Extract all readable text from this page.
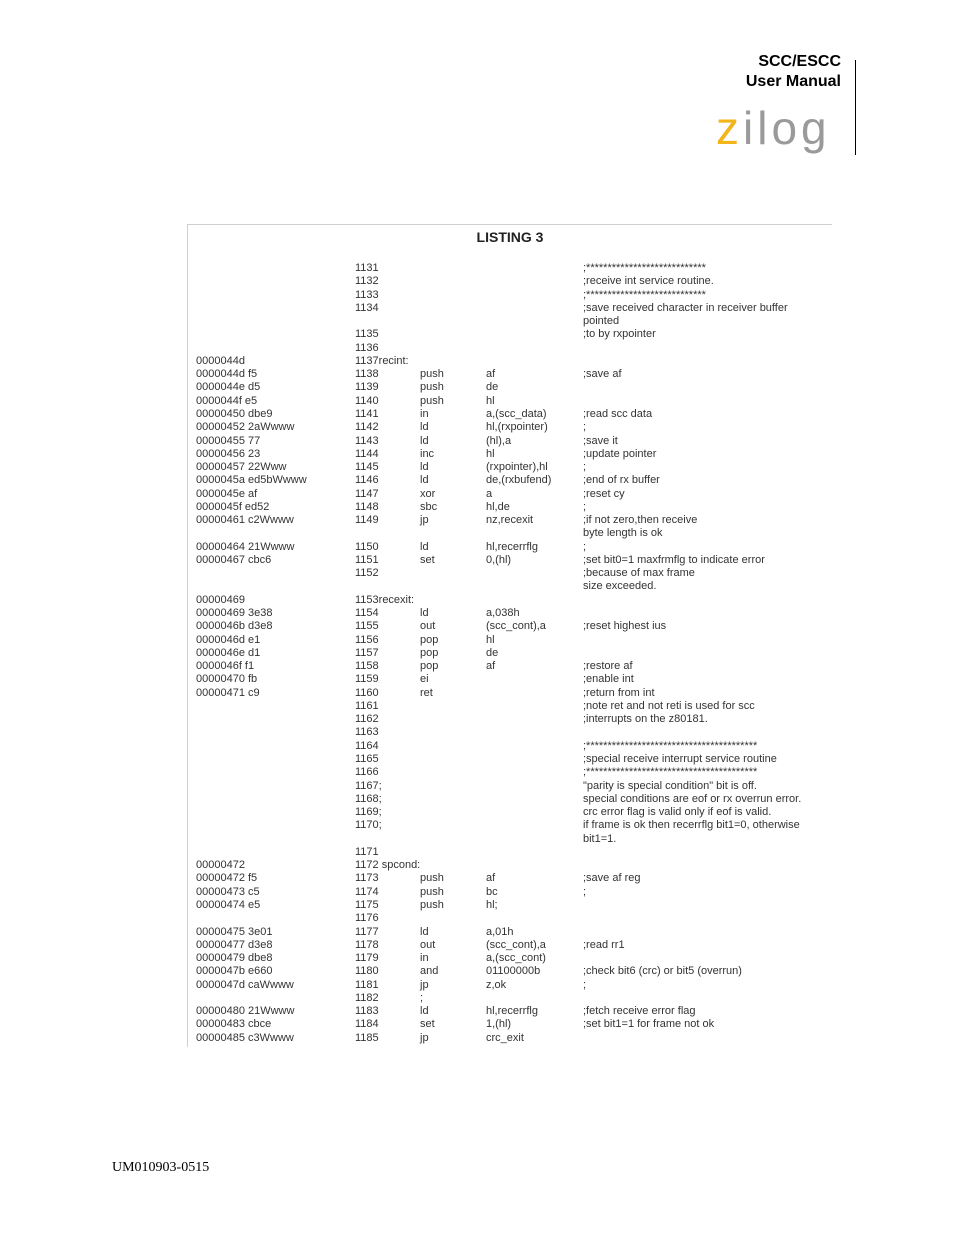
SCC/ESCC
User Manual
zilog
LISTING 3
1131	;****************************
1132	;receive int service routine.
1133	;****************************
1134	;save received character in receiver buffer
pointed
1135	;to by rxpointer
1136
0000044d	1137recint:
0000044d f5	1138	push	af	;save af
0000044e d5	1139	push	de
0000044f e5	1140	push	hl
00000450 dbe9	1141	in	a,(scc_data)	;read scc data
00000452 2aWwww	1142	ld	hl,(rxpointer)	;
00000455 77	1143	ld	(hl),a	;save it
00000456 23	1144	inc	hl	;update pointer
00000457 22Www	1145	ld	(rxpointer),hl	;
0000045a ed5bWwww	1146	ld	de,(rxbufend)	;end of rx buffer
0000045e af	1147	xor	a	;reset cy
0000045f ed52	1148	sbc	hl,de	;
00000461 c2Wwww	1149	jp	nz,recexit	;if not zero,then receive
byte length is ok
00000464 21Wwww	1150	ld	hl,recerrflg	;
00000467 cbc6	1151	set	0,(hl)	;set bit0=1 maxfrmflg to indicate error
1152	;because of max frame
size exceeded.
00000469	1153recexit:
00000469 3e38	1154	ld	a,038h
0000046b d3e8	1155	out	(scc_cont),a	;reset highest ius
0000046d e1	1156	pop	hl
0000046e d1	1157	pop	de
0000046f f1	1158	pop	af	;restore af
00000470 fb	1159	ei	;enable int
00000471 c9	1160	ret	;return from int
1161	;note ret and not reti is used for scc
1162	;interrupts on the z80181.
1163
1164	;****************************************
1165	;special receive interrupt service routine
1166	;****************************************
1167;	"parity is special condition" bit is off.
1168;	special conditions are eof or rx overrun error.
1169;	crc error flag is valid only if eof is valid.
1170;	if frame is ok then recerrflg bit1=0, otherwise
bit1=1.
1171
00000472	1172 spcond:
00000472 f5	1173	push	af	;save af reg
00000473 c5	1174	push	bc	;
00000474 e5	1175	push	hl;
1176
00000475 3e01	1177	ld	a,01h
00000477 d3e8	1178	out	(scc_cont),a	;read rr1
00000479 dbe8	1179	in	a,(scc_cont)
0000047b e660	1180	and	01100000b	;check bit6 (crc) or bit5 (overrun)
0000047d caWwww	1181	jp	z,ok	;
1182	;
00000480 21Wwww	1183	ld	hl,recerrflg	;fetch receive error flag
00000483 cbce	1184	set	1,(hl)	;set bit1=1 for frame not ok
00000485 c3Wwww	1185	jp	crc_exit
UM010903-0515
